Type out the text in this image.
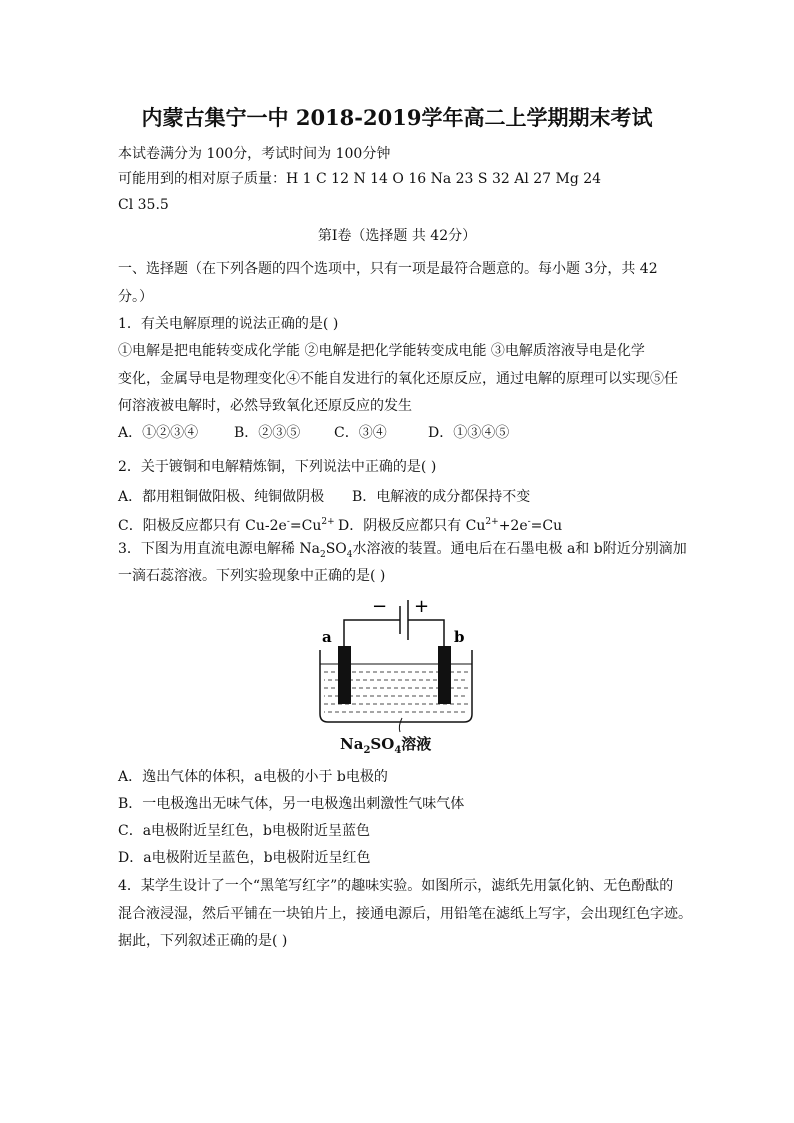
内蒙古集宁一中 2018-2019学年高二上学期期末考试
本试卷满分为 100分，考试时间为 100分钟
可能用到的相对原子质量：H 1 C 12 N 14 O 16 Na 23 S 32 Al 27 Mg 24
Cl 35.5
第Ⅰ卷（选择题 共 42分）
一、选择题（在下列各题的四个选项中，只有一项是最符合题意的。每小题 3分，共 42
分。）
1．有关电解原理的说法正确的是( )
①电解是把电能转变成化学能 ②电解是把化学能转变成电能 ③电解质溶液导电是化学
变化，金属导电是物理变化④不能自发进行的氧化还原反应，通过电解的原理可以实现⑤任
何溶液被电解时，必然导致氧化还原反应的发生
A．①②③④	B．②③⑤ C．③④	D．①③④⑤
2．关于镀铜和电解精炼铜，下列说法中正确的是( )
A．都用粗铜做阳极、纯铜做阴极 B．电解液的成分都保持不变
C．阳极反应都只有 $Cu-2e^-=Cu^{2+}$ D．阴极反应都只有 $Cu^{2+}+2e^-=Cu$
3．下图为用直流电源电解稀 $Na_2SO_4$水溶液的装置。通电后在石墨电极 a和 b附近分别滴加
一滴石蕊溶液。下列实验现象中正确的是( )
− +
a	b
$Na_2SO_4$溶液
A．逸出气体的体积，a电极的小于 b电极的
B．一电极逸出无味气体，另一电极逸出刺激性气味气体
C．a电极附近呈红色，b电极附近呈蓝色
D．a电极附近呈蓝色，b电极附近呈红色
4．某学生设计了一个“黑笔写红字”的趣味实验。如图所示，滤纸先用氯化钠、无色酚酞的
混合液浸湿，然后平铺在一块铂片上，接通电源后，用铅笔在滤纸上写字，会出现红色字迹。
据此，下列叙述正确的是( )
